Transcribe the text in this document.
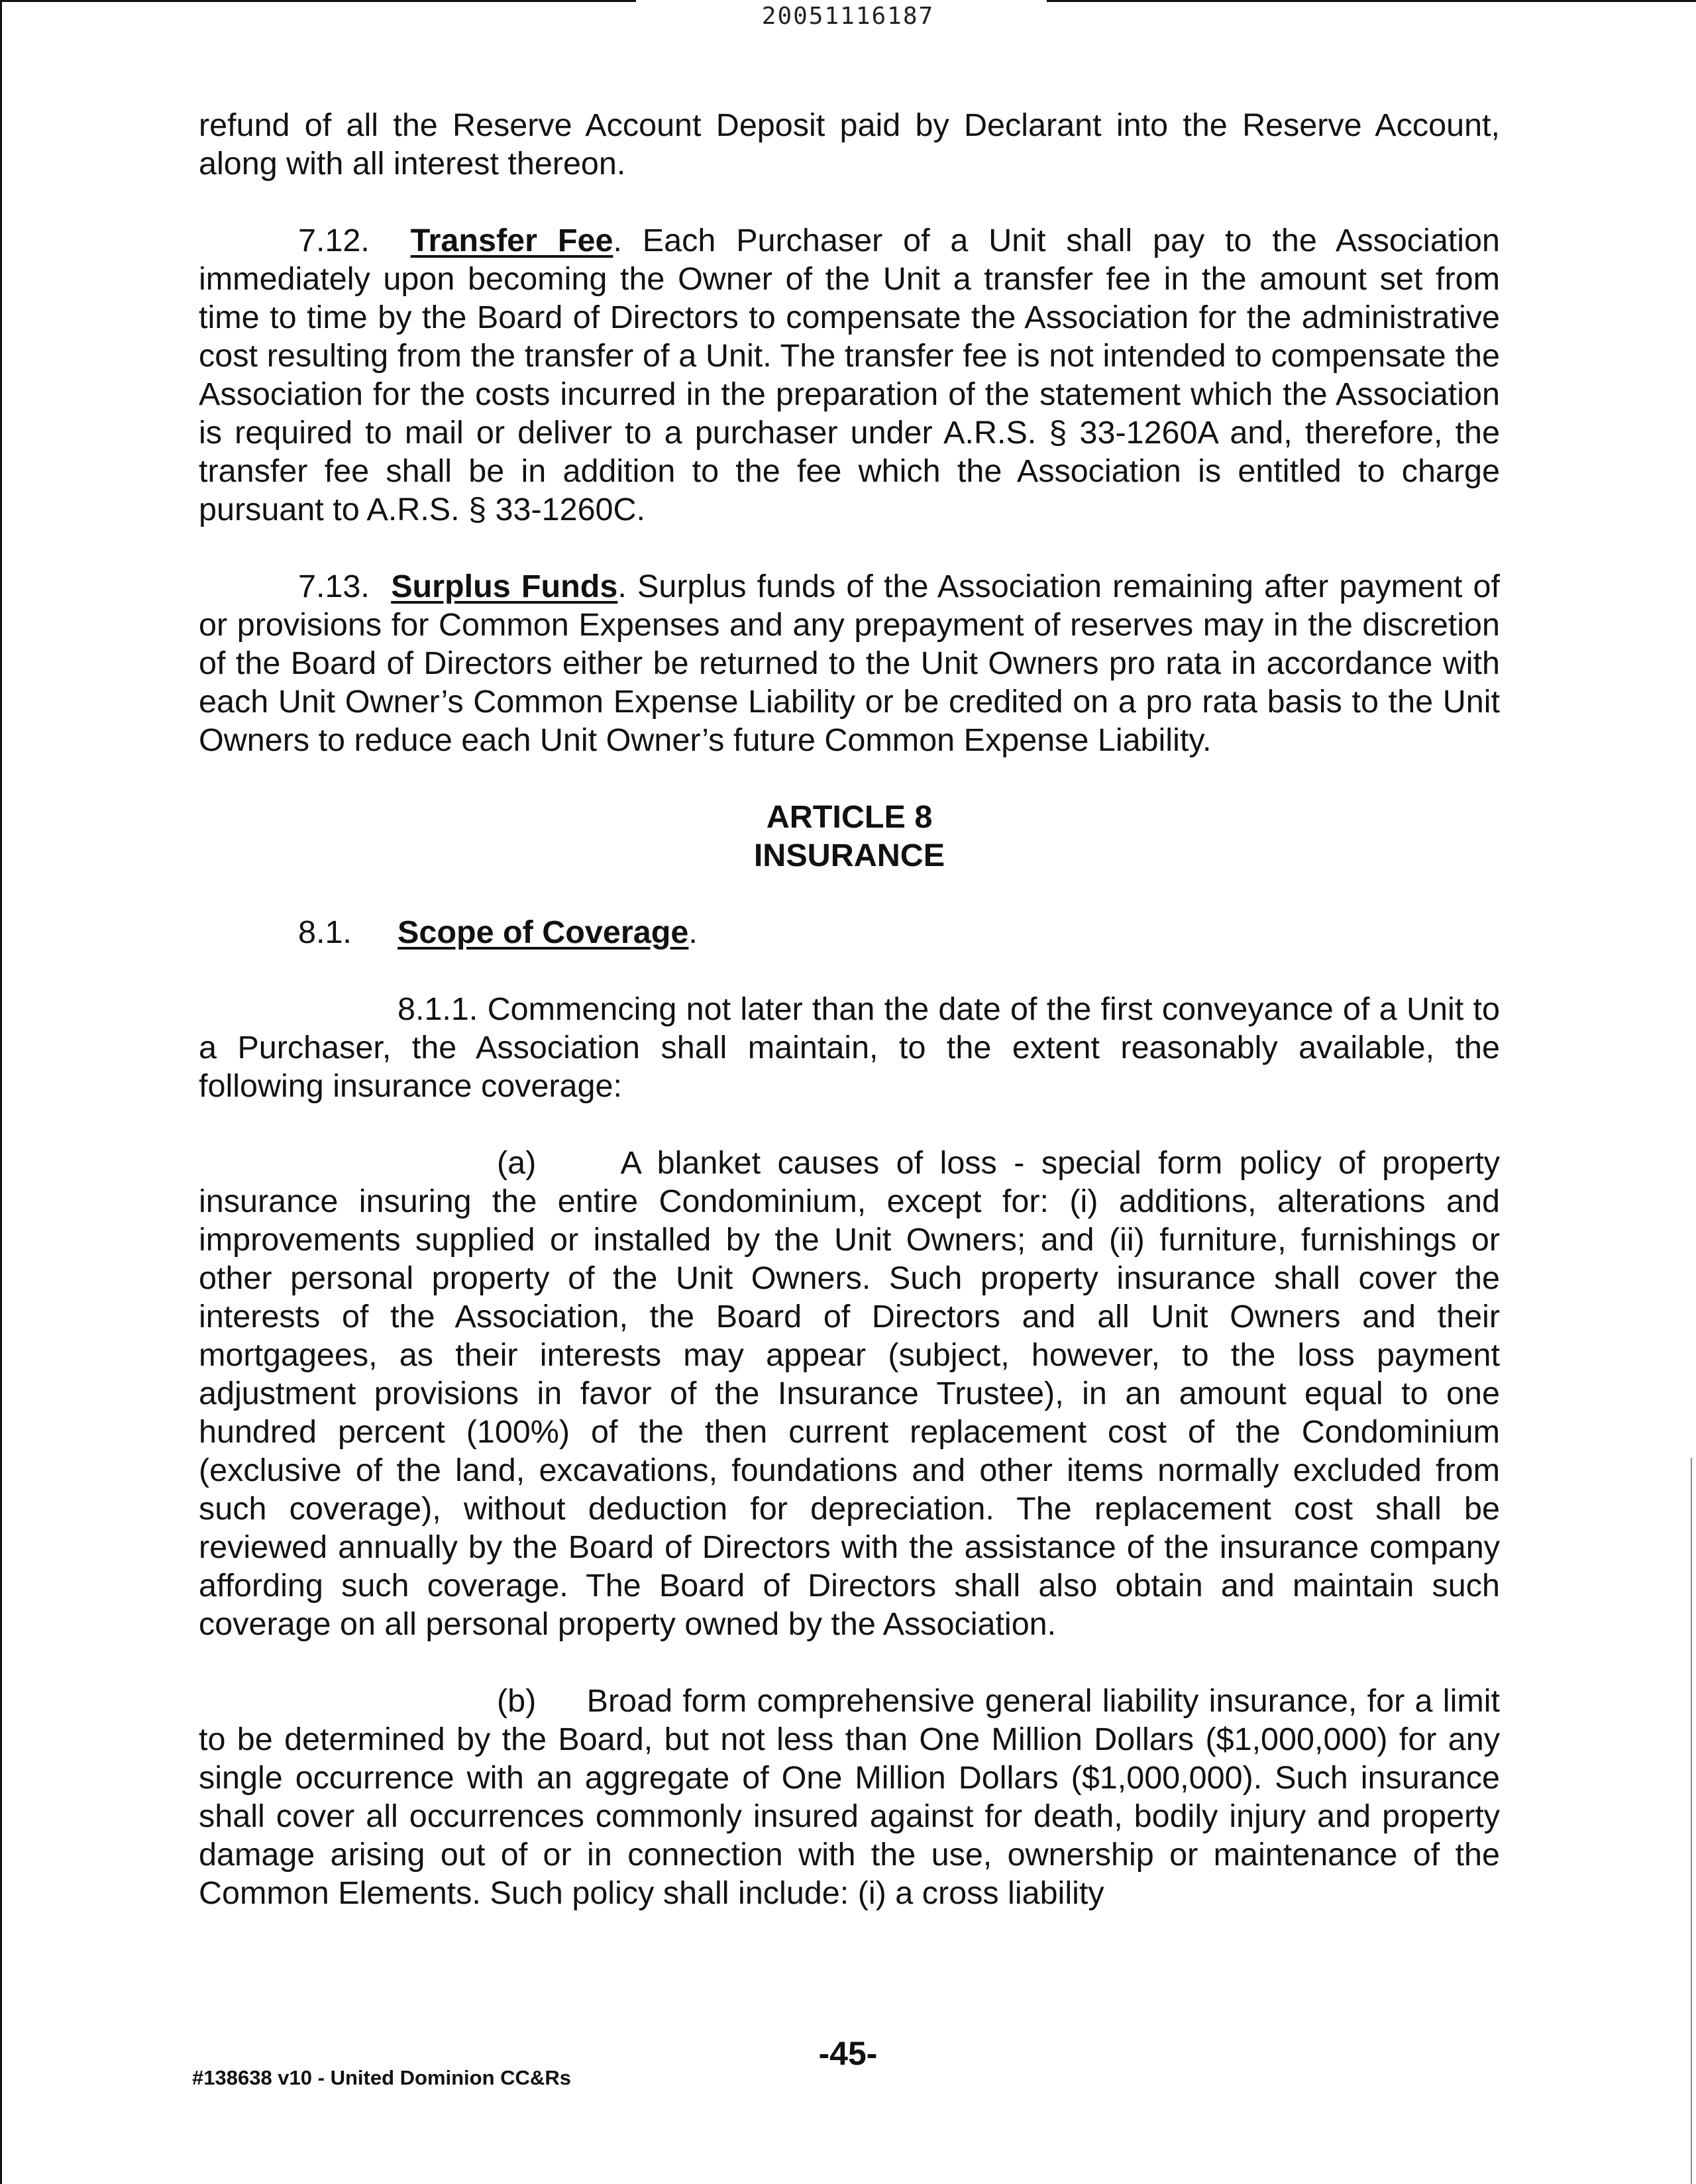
20051116187

refund of all the Reserve Account Deposit paid by Declarant into the Reserve Account, along with all interest thereon.

7.12. Transfer Fee. Each Purchaser of a Unit shall pay to the Association immediately upon becoming the Owner of the Unit a transfer fee in the amount set from time to time by the Board of Directors to compensate the Association for the administrative cost resulting from the transfer of a Unit. The transfer fee is not intended to compensate the Association for the costs incurred in the preparation of the statement which the Association is required to mail or deliver to a purchaser under A.R.S. § 33-1260A and, therefore, the transfer fee shall be in addition to the fee which the Association is entitled to charge pursuant to A.R.S. § 33-1260C.

7.13. Surplus Funds. Surplus funds of the Association remaining after payment of or provisions for Common Expenses and any prepayment of reserves may in the discretion of the Board of Directors either be returned to the Unit Owners pro rata in accordance with each Unit Owner’s Common Expense Liability or be credited on a pro rata basis to the Unit Owners to reduce each Unit Owner’s future Common Expense Liability.

ARTICLE 8
INSURANCE
8.1. Scope of Coverage.

8.1.1. Commencing not later than the date of the first conveyance of a Unit to a Purchaser, the Association shall maintain, to the extent reasonably available, the following insurance coverage:

(a)	A blanket causes of loss - special form policy of property insurance insuring the entire Condominium, except for: (i) additions, alterations and improvements supplied or installed by the Unit Owners; and (ii) furniture, furnishings or other personal property of the Unit Owners. Such property insurance shall cover the interests of the Association, the Board of Directors and all Unit Owners and their mortgagees, as their interests may appear (subject, however, to the loss payment adjustment provisions in favor of the Insurance Trustee), in an amount equal to one hundred percent (100%) of the then current replacement cost of the Condominium (exclusive of the land, excavations, foundations and other items normally excluded from such coverage), without deduction for depreciation. The replacement cost shall be reviewed annually by the Board of Directors with the assistance of the insurance company affording such coverage. The Board of Directors shall also obtain and maintain such coverage on all personal property owned by the Association.

(b) Broad form comprehensive general liability insurance, for a limit to be determined by the Board, but not less than One Million Dollars ($1,000,000) for any single occurrence with an aggregate of One Million Dollars ($1,000,000). Such insurance shall cover all occurrences commonly insured against for death, bodily injury and property damage arising out of or in connection with the use, ownership or maintenance of the Common Elements. Such policy shall include: (i) a cross liability

-45-
#138638 v10 - United Dominion CC&Rs
